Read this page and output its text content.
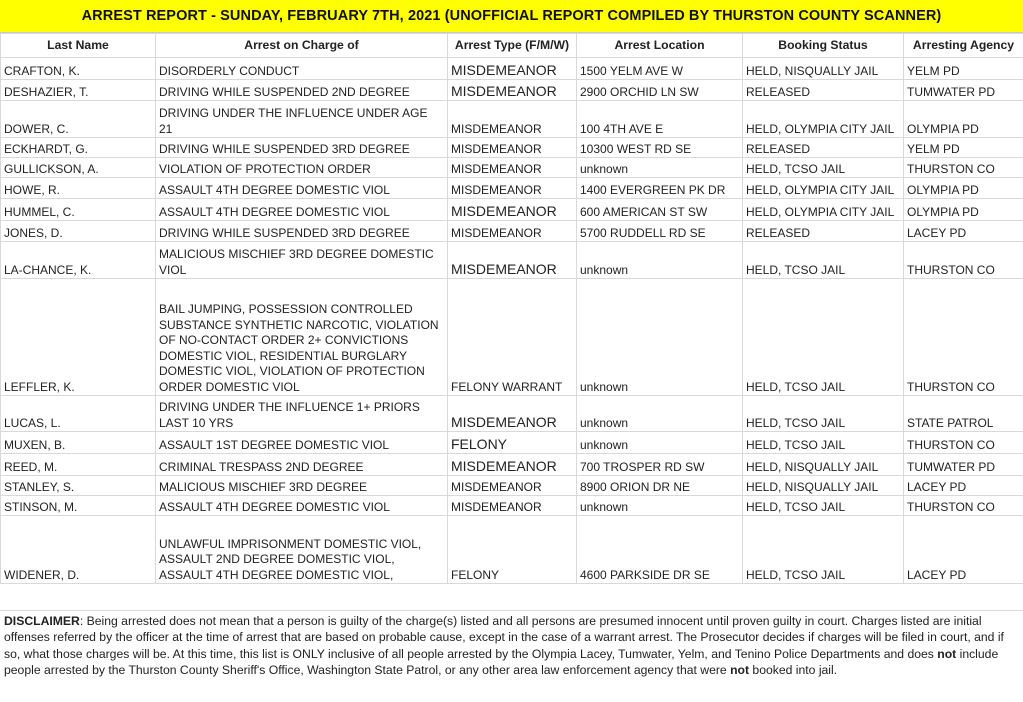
ARREST REPORT - SUNDAY, FEBRUARY 7TH, 2021 (UNOFFICIAL REPORT COMPILED BY THURSTON COUNTY SCANNER)
Last Name	Arrest on Charge of	Arrest Type (F/M/W)	Arrest Location	Booking Status	Arresting Agency
CRAFTON, K.	DISORDERLY CONDUCT	MISDEMEANOR	1500 YELM AVE W	HELD, NISQUALLY JAIL	YELM PD
DESHAZIER, T.	DRIVING WHILE SUSPENDED 2ND DEGREE	MISDEMEANOR	2900 ORCHID LN SW	RELEASED	TUMWATER PD
DOWER, C.	DRIVING UNDER THE INFLUENCE UNDER AGE 21	MISDEMEANOR	100 4TH AVE E	HELD, OLYMPIA CITY JAIL	OLYMPIA PD
ECKHARDT, G.	DRIVING WHILE SUSPENDED 3RD DEGREE	MISDEMEANOR	10300 WEST RD SE	RELEASED	YELM PD
GULLICKSON, A.	VIOLATION OF PROTECTION ORDER	MISDEMEANOR	unknown	HELD, TCSO JAIL	THURSTON CO
HOWE, R.	ASSAULT 4TH DEGREE DOMESTIC VIOL	MISDEMEANOR	1400 EVERGREEN PK DR	HELD, OLYMPIA CITY JAIL	OLYMPIA PD
HUMMEL, C.	ASSAULT 4TH DEGREE DOMESTIC VIOL	MISDEMEANOR	600 AMERICAN ST SW	HELD, OLYMPIA CITY JAIL	OLYMPIA PD
JONES, D.	DRIVING WHILE SUSPENDED 3RD DEGREE	MISDEMEANOR	5700 RUDDELL RD SE	RELEASED	LACEY PD
LA-CHANCE, K.	MALICIOUS MISCHIEF 3RD DEGREE DOMESTIC VIOL	MISDEMEANOR	unknown	HELD, TCSO JAIL	THURSTON CO
LEFFLER, K.	BAIL JUMPING, POSSESSION CONTROLLED SUBSTANCE SYNTHETIC NARCOTIC, VIOLATION OF NO-CONTACT ORDER 2+ CONVICTIONS DOMESTIC VIOL, RESIDENTIAL BURGLARY DOMESTIC VIOL, VIOLATION OF PROTECTION ORDER DOMESTIC VIOL	FELONY WARRANT	unknown	HELD, TCSO JAIL	THURSTON CO
LUCAS, L.	DRIVING UNDER THE INFLUENCE 1+ PRIORS LAST 10 YRS	MISDEMEANOR	unknown	HELD, TCSO JAIL	STATE PATROL
MUXEN, B.	ASSAULT 1ST DEGREE DOMESTIC VIOL	FELONY	unknown	HELD, TCSO JAIL	THURSTON CO
REED, M.	CRIMINAL TRESPASS 2ND DEGREE	MISDEMEANOR	700 TROSPER RD SW	HELD, NISQUALLY JAIL	TUMWATER PD
STANLEY, S.	MALICIOUS MISCHIEF 3RD DEGREE	MISDEMEANOR	8900 ORION DR NE	HELD, NISQUALLY JAIL	LACEY PD
STINSON, M.	ASSAULT 4TH DEGREE DOMESTIC VIOL	MISDEMEANOR	unknown	HELD, TCSO JAIL	THURSTON CO
WIDENER, D.	UNLAWFUL IMPRISONMENT DOMESTIC VIOL, ASSAULT 2ND DEGREE DOMESTIC VIOL, ASSAULT 4TH DEGREE DOMESTIC VIOL,	FELONY	4600 PARKSIDE DR SE	HELD, TCSO JAIL	LACEY PD
DISCLAIMER: Being arrested does not mean that a person is guilty of the charge(s) listed and all persons are presumed innocent until proven guilty in court. Charges listed are initial offenses referred by the officer at the time of arrest that are based on probable cause, except in the case of a warrant arrest. The Prosecutor decides if charges will be filed in court, and if so, what those charges will be. At this time, this list is ONLY inclusive of all people arrested by the Olympia Lacey, Tumwater, Yelm, and Tenino Police Departments and does not include people arrested by the Thurston County Sheriff's Office, Washington State Patrol, or any other area law enforcement agency that were not booked into jail.
